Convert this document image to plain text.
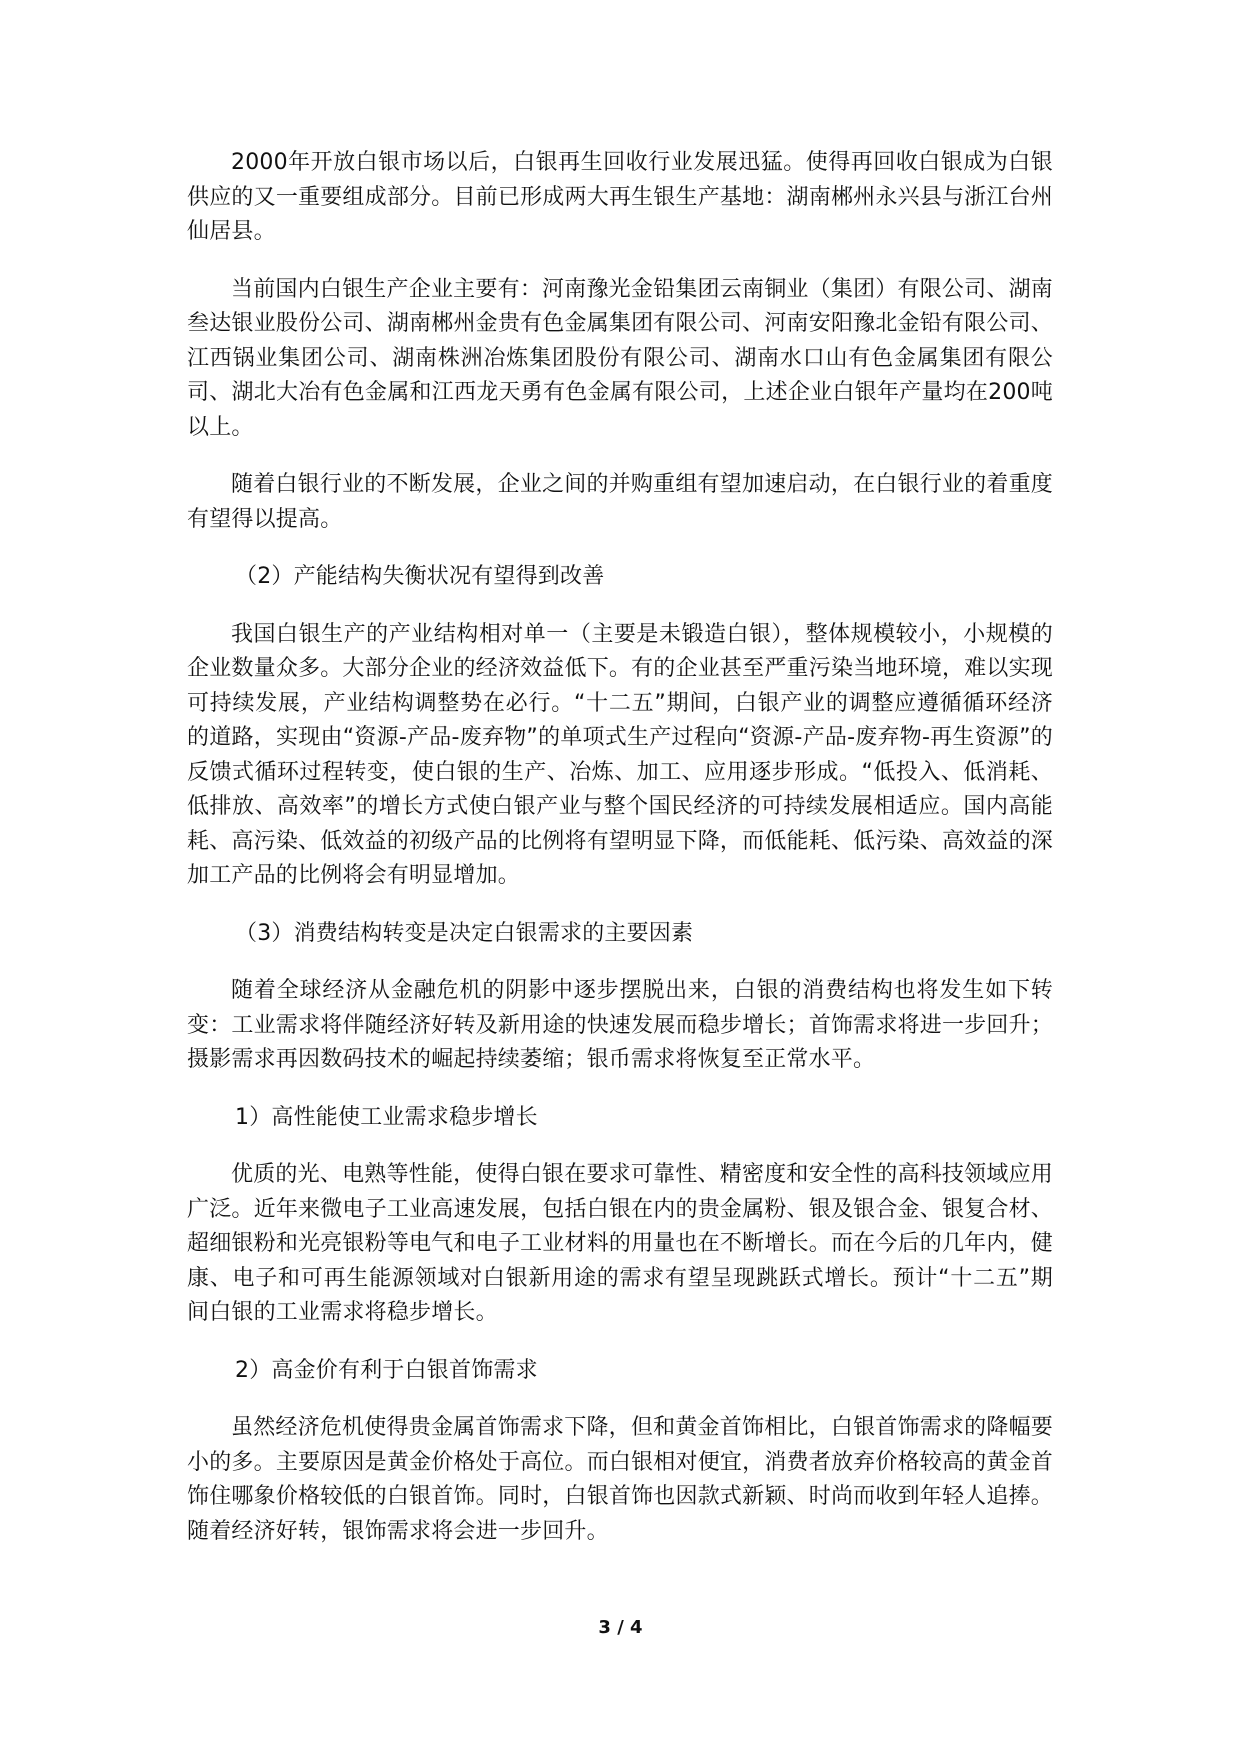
2000年开放白银市场以后，白银再生回收行业发展迅猛。使得再回收白银成为白银供应的又一重要组成部分。目前已形成两大再生银生产基地：湖南郴州永兴县与浙江台州仙居县。

当前国内白银生产企业主要有：河南豫光金铅集团云南铜业（集团）有限公司、湖南叁达银业股份公司、湖南郴州金贵有色金属集团有限公司、河南安阳豫北金铅有限公司、江西锅业集团公司、湖南株洲冶炼集团股份有限公司、湖南水口山有色金属集团有限公司、湖北大冶有色金属和江西龙天勇有色金属有限公司，上述企业白银年产量均在200吨以上。

随着白银行业的不断发展，企业之间的并购重组有望加速启动，在白银行业的着重度有望得以提高。

（2）产能结构失衡状况有望得到改善

我国白银生产的产业结构相对单一（主要是未锻造白银），整体规模较小，小规模的企业数量众多。大部分企业的经济效益低下。有的企业甚至严重污染当地环境，难以实现可持续发展，产业结构调整势在必行。“十二五”期间，白银产业的调整应遵循循环经济的道路，实现由“资源-产品-废弃物”的单项式生产过程向“资源-产品-废弃物-再生资源”的反馈式循环过程转变，使白银的生产、冶炼、加工、应用逐步形成。“低投入、低消耗、低排放、高效率”的增长方式使白银产业与整个国民经济的可持续发展相适应。国内高能耗、高污染、低效益的初级产品的比例将有望明显下降，而低能耗、低污染、高效益的深加工产品的比例将会有明显增加。

（3）消费结构转变是决定白银需求的主要因素

随着全球经济从金融危机的阴影中逐步摆脱出来，白银的消费结构也将发生如下转变：工业需求将伴随经济好转及新用途的快速发展而稳步增长；首饰需求将进一步回升；摄影需求再因数码技术的崛起持续萎缩；银币需求将恢复至正常水平。

1）高性能使工业需求稳步增长

优质的光、电熟等性能，使得白银在要求可靠性、精密度和安全性的高科技领域应用广泛。近年来微电子工业高速发展，包括白银在内的贵金属粉、银及银合金、银复合材、超细银粉和光亮银粉等电气和电子工业材料的用量也在不断增长。而在今后的几年内，健康、电子和可再生能源领域对白银新用途的需求有望呈现跳跃式增长。预计“十二五”期间白银的工业需求将稳步增长。

2）高金价有利于白银首饰需求

虽然经济危机使得贵金属首饰需求下降，但和黄金首饰相比，白银首饰需求的降幅要小的多。主要原因是黄金价格处于高位。而白银相对便宜，消费者放弃价格较高的黄金首饰住哪象价格较低的白银首饰。同时，白银首饰也因款式新颖、时尚而收到年轻人追捧。随着经济好转，银饰需求将会进一步回升。

3 / 4
